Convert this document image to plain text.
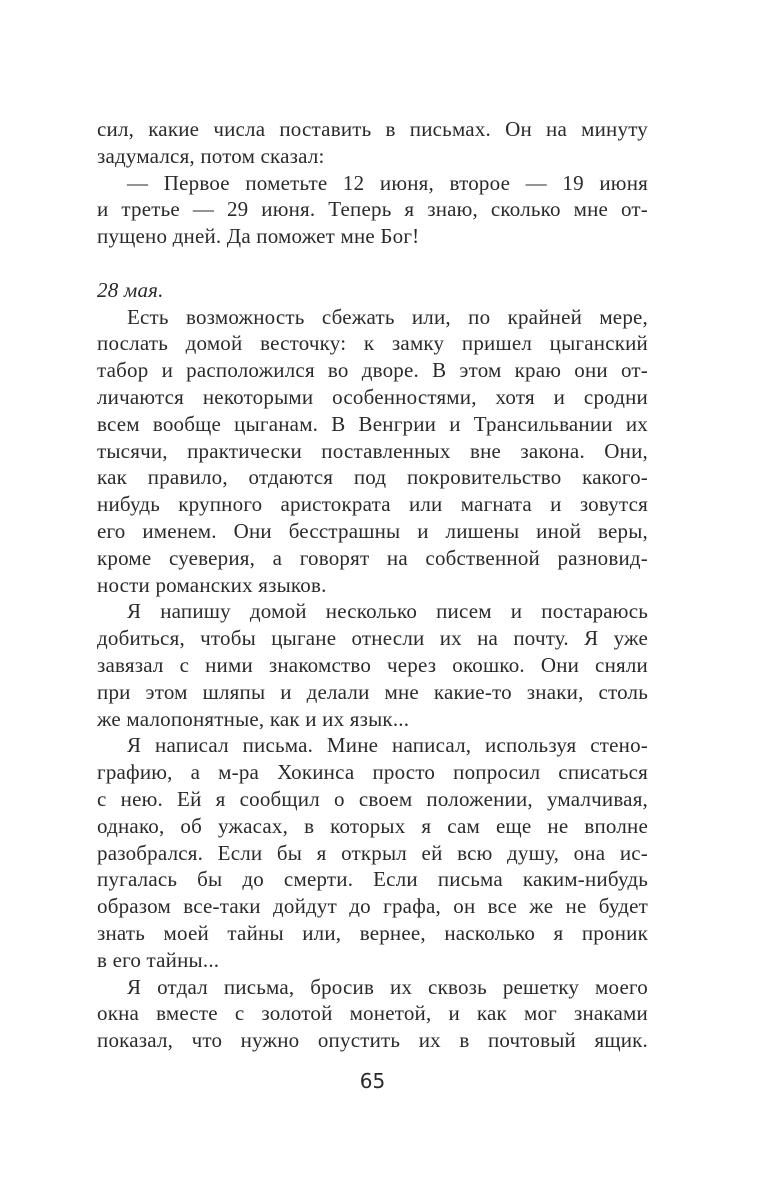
сил, какие числа поставить в письмах. Он на минуту
задумался, потом сказал:
— Первое пометьте 12 июня, второе — 19 июня
и третье — 29 июня. Теперь я знаю, сколько мне от-
пущено дней. Да поможет мне Бог!
28 мая.
Есть возможность сбежать или, по крайней мере,
послать домой весточку: к замку пришел цыганский
табор и расположился во дворе. В этом краю они от-
личаются некоторыми особенностями, хотя и сродни
всем вообще цыганам. В Венгрии и Трансильвании их
тысячи, практически поставленных вне закона. Они,
как правило, отдаются под покровительство какого-
нибудь крупного аристократа или магната и зовутся
его именем. Они бесстрашны и лишены иной веры,
кроме суеверия, а говорят на собственной разновид-
ности романских языков.
Я напишу домой несколько писем и постараюсь
добиться, чтобы цыгане отнесли их на почту. Я уже
завязал с ними знакомство через окошко. Они сняли
при этом шляпы и делали мне какие-то знаки, столь
же малопонятные, как и их язык...
Я написал письма. Мине написал, используя стено-
графию, а м-ра Хокинса просто попросил списаться
с нею. Ей я сообщил о своем положении, умалчивая,
однако, об ужасах, в которых я сам еще не вполне
разобрался. Если бы я открыл ей всю душу, она ис-
пугалась бы до смерти. Если письма каким-нибудь
образом все-таки дойдут до графа, он все же не будет
знать моей тайны или, вернее, насколько я проник
в его тайны...
Я отдал письма, бросив их сквозь решетку моего
окна вместе с золотой монетой, и как мог знаками
показал, что нужно опустить их в почтовый ящик.
65
